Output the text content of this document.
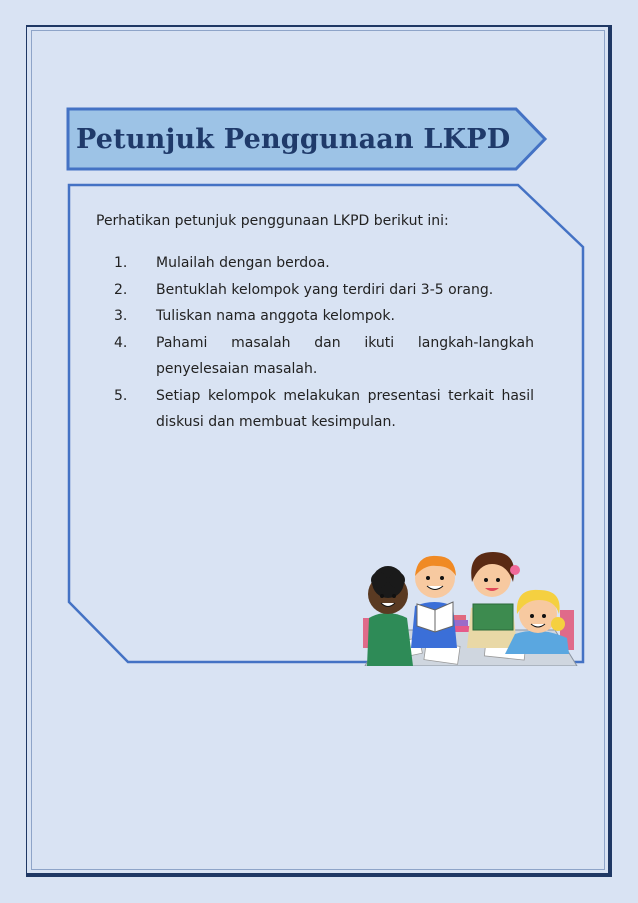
Petunjuk Penggunaan LKPD
Perhatikan petunjuk penggunaan LKPD berikut ini:
1.	Mulailah dengan berdoa.
2.	Bentuklah kelompok yang terdiri dari 3-5 orang.
3.	Tuliskan nama anggota kelompok.
4.	Pahami masalah dan ikuti langkah-langkah penyelesaian masalah.
5.	Setiap kelompok melakukan presentasi terkait hasil diskusi dan membuat kesimpulan.
